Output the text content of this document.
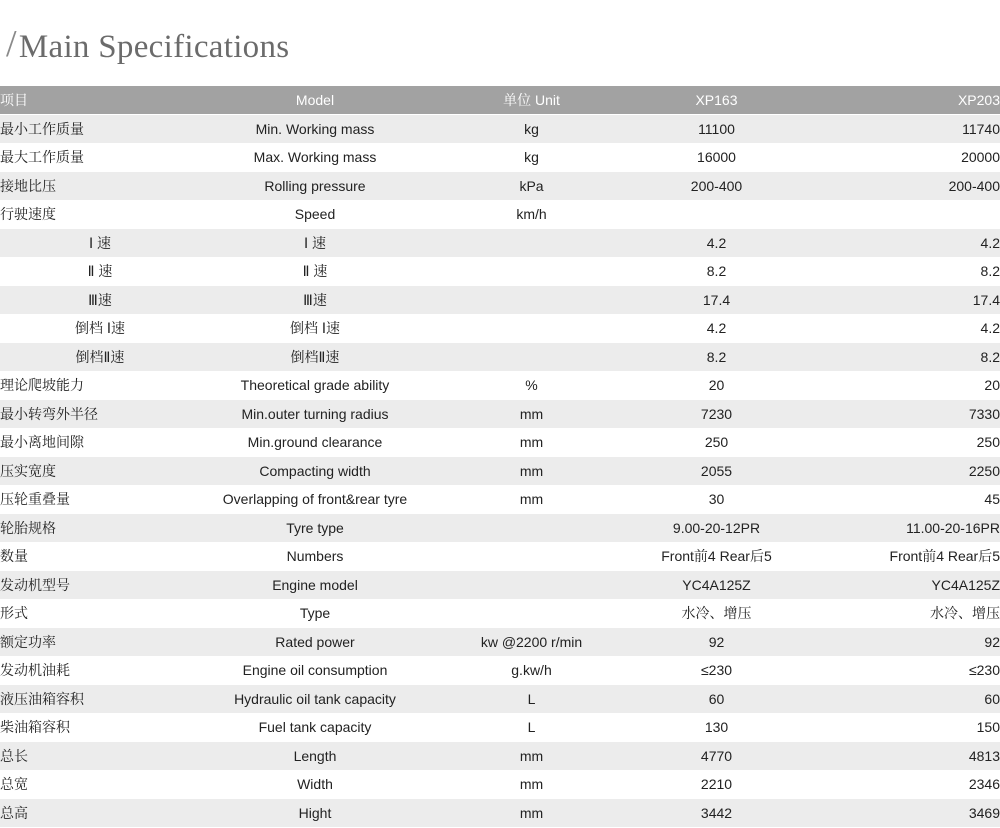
/ Main Specifications
项目	Model	单位 Unit	XP163	XP203
最小工作质量	Min. Working mass	kg	11100	11740
最大工作质量	Max. Working mass	kg	16000	20000
接地比压	Rolling pressure	kPa	200-400	200-400
行驶速度	Speed	km/h		
Ⅰ 速	Ⅰ 速		4.2	4.2
Ⅱ 速	Ⅱ 速		8.2	8.2
Ⅲ速	Ⅲ速		17.4	17.4
倒档 Ⅰ速	倒档 Ⅰ速		4.2	4.2
倒档Ⅱ速	倒档Ⅱ速		8.2	8.2
理论爬坡能力	Theoretical grade ability	%	20	20
最小转弯外半径	Min.outer turning radius	mm	7230	7330
最小离地间隙	Min.ground clearance	mm	250	250
压实宽度	Compacting width	mm	2055	2250
压轮重叠量	Overlapping of front&rear tyre	mm	30	45
轮胎规格	Tyre type		9.00-20-12PR	11.00-20-16PR
数量	Numbers		Front前4 Rear后5	Front前4 Rear后5
发动机型号	Engine model		YC4A125Z	YC4A125Z
形式	Type		水冷、增压	水冷、增压
额定功率	Rated power	kw @2200 r/min	92	92
发动机油耗	Engine oil consumption	g.kw/h	≤230	≤230
液压油箱容积	Hydraulic oil tank capacity	L	60	60
柴油箱容积	Fuel tank capacity	L	130	150
总长	Length	mm	4770	4813
总宽	Width	mm	2210	2346
总高	Hight	mm	3442	3469
